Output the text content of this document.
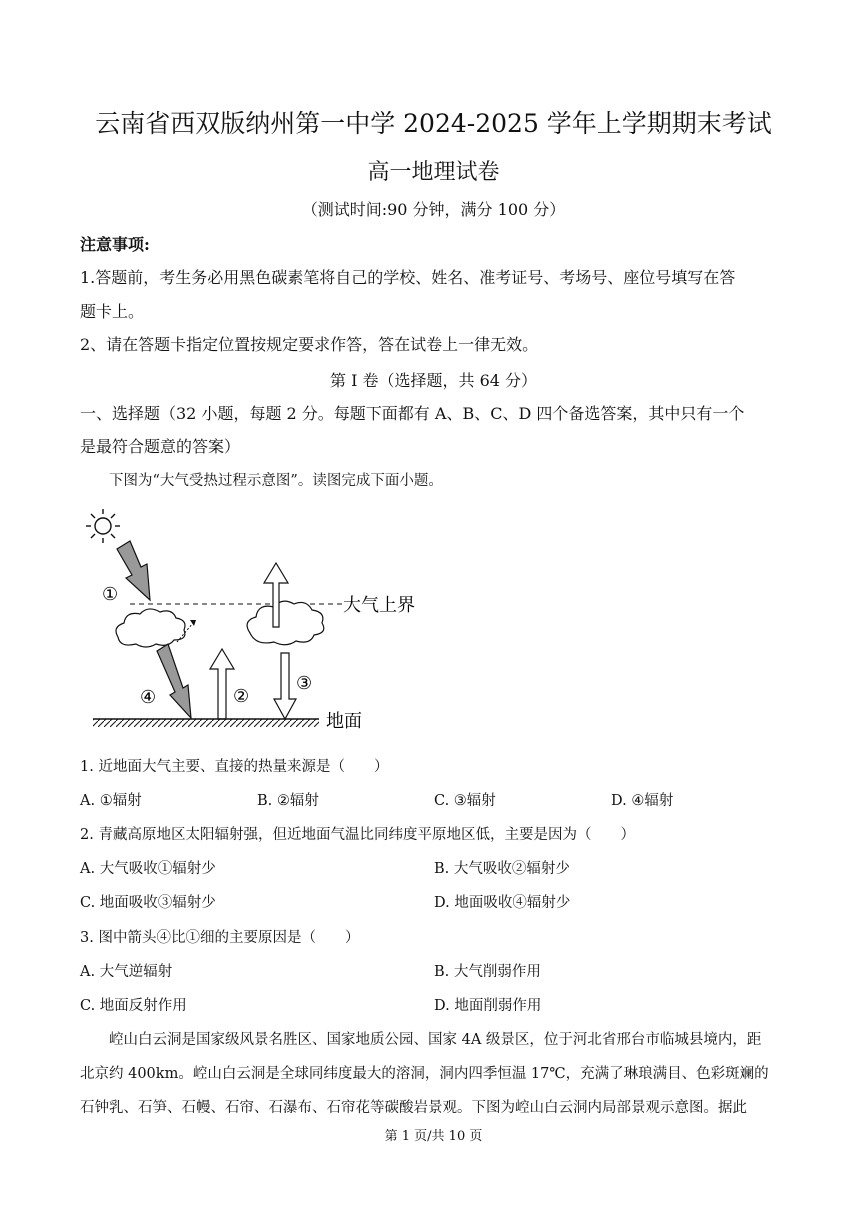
云南省西双版纳州第一中学 2024-2025 学年上学期期末考试
高一地理试卷
（测试时间:90 分钟，满分 100 分）
注意事项:
1.答题前，考生务必用黑色碳素笔将自己的学校、姓名、准考证号、考场号、座位号填写在答
题卡上。
2、请在答题卡指定位置按规定要求作答，答在试卷上一律无效。
第 I 卷（选择题，共 64 分）
一、选择题（32 小题，每题 2 分。每题下面都有 A、B、C、D 四个备选答案，其中只有一个
是最符合题意的答案）
下图为“大气受热过程示意图”。读图完成下面小题。
大气上界
①
③
②
④
地面
1. 近地面大气主要、直接的热量来源是（　　）
A. ①辐射	B. ②辐射	C. ③辐射	D. ④辐射
2. 青藏高原地区太阳辐射强，但近地面气温比同纬度平原地区低，主要是因为（　　）
A. 大气吸收①辐射少	B. 大气吸收②辐射少
C. 地面吸收③辐射少	D. 地面吸收④辐射少
3. 图中箭头④比①细的主要原因是（　　）
A. 大气逆辐射	B. 大气削弱作用
C. 地面反射作用	D. 地面削弱作用
崆山白云洞是国家级风景名胜区、国家地质公园、国家 4A 级景区，位于河北省邢台市临城县境内，距
北京约 400km。崆山白云洞是全球同纬度最大的溶洞，洞内四季恒温 17℃，充满了琳琅满目、色彩斑斓的
石钟乳、石笋、石幔、石帘、石瀑布、石帘花等碳酸岩景观。下图为崆山白云洞内局部景观示意图。据此
第 1 页/共 10 页
